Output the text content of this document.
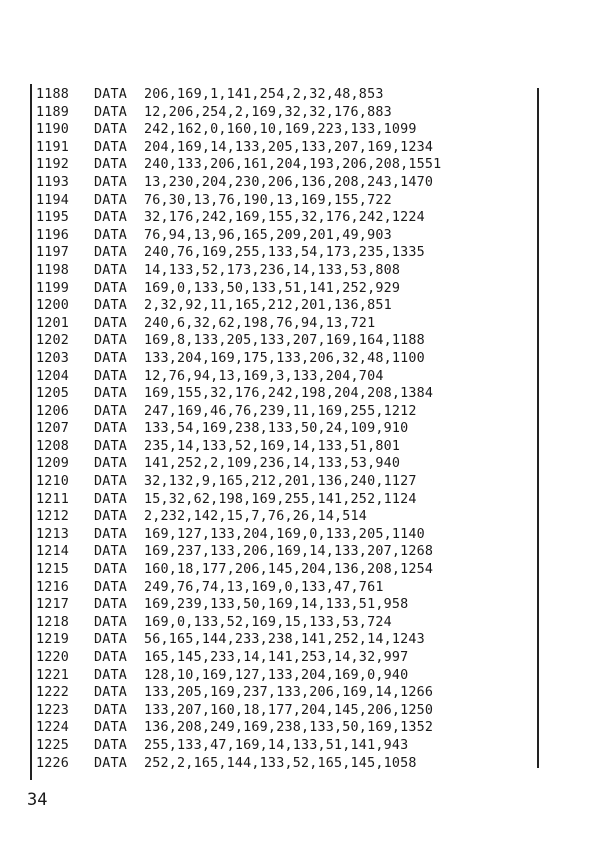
1188	DATA	206,169,1,141,254,2,32,48,853
1189	DATA	12,206,254,2,169,32,32,176,883
1190	DATA	242,162,0,160,10,169,223,133,1099
1191	DATA	204,169,14,133,205,133,207,169,1234
1192	DATA	240,133,206,161,204,193,206,208,1551
1193	DATA	13,230,204,230,206,136,208,243,1470
1194	DATA	76,30,13,76,190,13,169,155,722
1195	DATA	32,176,242,169,155,32,176,242,1224
1196	DATA	76,94,13,96,165,209,201,49,903
1197	DATA	240,76,169,255,133,54,173,235,1335
1198	DATA	14,133,52,173,236,14,133,53,808
1199	DATA	169,0,133,50,133,51,141,252,929
1200	DATA	2,32,92,11,165,212,201,136,851
1201	DATA	240,6,32,62,198,76,94,13,721
1202	DATA	169,8,133,205,133,207,169,164,1188
1203	DATA	133,204,169,175,133,206,32,48,1100
1204	DATA	12,76,94,13,169,3,133,204,704
1205	DATA	169,155,32,176,242,198,204,208,1384
1206	DATA	247,169,46,76,239,11,169,255,1212
1207	DATA	133,54,169,238,133,50,24,109,910
1208	DATA	235,14,133,52,169,14,133,51,801
1209	DATA	141,252,2,109,236,14,133,53,940
1210	DATA	32,132,9,165,212,201,136,240,1127
1211	DATA	15,32,62,198,169,255,141,252,1124
1212	DATA	2,232,142,15,7,76,26,14,514
1213	DATA	169,127,133,204,169,0,133,205,1140
1214	DATA	169,237,133,206,169,14,133,207,1268
1215	DATA	160,18,177,206,145,204,136,208,1254
1216	DATA	249,76,74,13,169,0,133,47,761
1217	DATA	169,239,133,50,169,14,133,51,958
1218	DATA	169,0,133,52,169,15,133,53,724
1219	DATA	56,165,144,233,238,141,252,14,1243
1220	DATA	165,145,233,14,141,253,14,32,997
1221	DATA	128,10,169,127,133,204,169,0,940
1222	DATA	133,205,169,237,133,206,169,14,1266
1223	DATA	133,207,160,18,177,204,145,206,1250
1224	DATA	136,208,249,169,238,133,50,169,1352
1225	DATA	255,133,47,169,14,133,51,141,943
1226	DATA	252,2,165,144,133,52,165,145,1058
34
